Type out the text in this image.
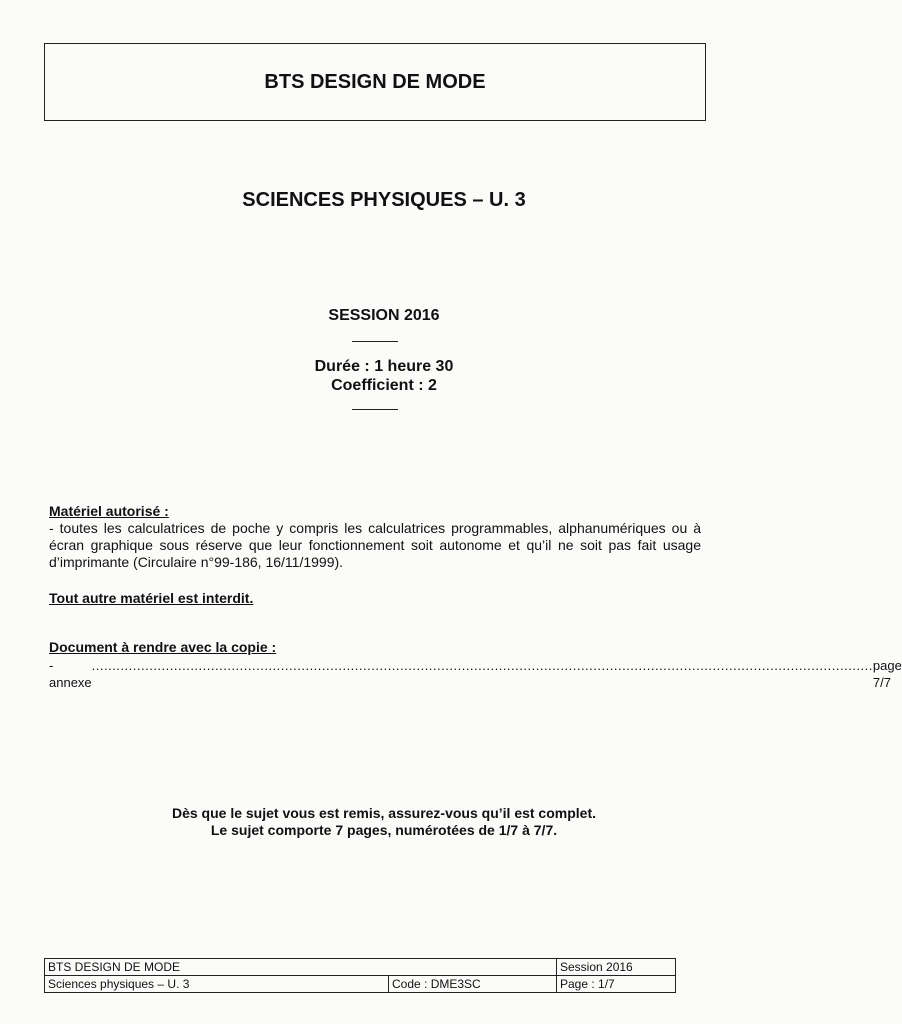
BTS DESIGN DE MODE
SCIENCES PHYSIQUES – U. 3
SESSION 2016
Durée : 1 heure 30
Coefficient : 2
Matériel autorisé :
- toutes les calculatrices de poche y compris les calculatrices programmables, alphanumériques ou à écran graphique sous réserve que leur fonctionnement soit autonome et qu’il ne soit pas fait usage d’imprimante (Circulaire n°99-186, 16/11/1999).
Tout autre matériel est interdit.
Document à rendre avec la copie :
- annexe
.............................................................................................................................................................................................. page 7/7
Dès que le sujet vous est remis, assurez-vous qu’il est complet.
Le sujet comporte 7 pages, numérotées de 1/7 à 7/7.
BTS DESIGN DE MODE		Session 2016
Sciences physiques – U. 3	Code : DME3SC	Page : 1/7
